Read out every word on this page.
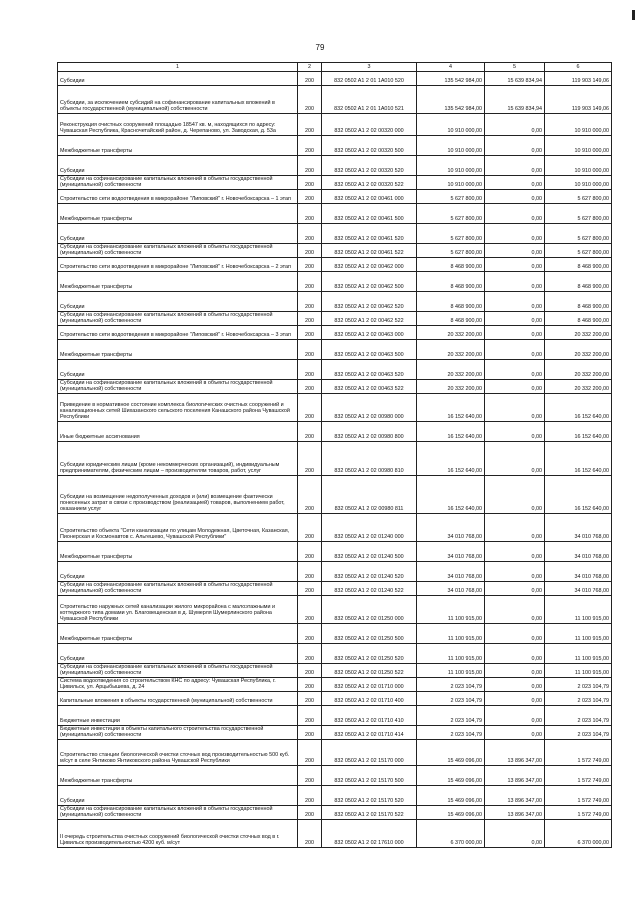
79
1	2	3	4	5	6
Субсидии	200	832 0502 A1 2 01 1A010 520	135 542 984,00	15 639 834,94	119 903 149,06
Субсидии, за исключением субсидий на софинансирование капитальных вложений в объекты государственной (муниципальной) собственности	200	832 0502 A1 2 01 1A010 521	135 542 984,00	15 639 834,94	119 903 149,06
Реконструкция очистных сооружений площадью 18547 кв. м, находящихся по адресу: Чувашская Республика, Красночетайский район, д. Черепаново, ул. Заводская, д. 53а	200	832 0502 A1 2 02 00320 000	10 910 000,00	0,00	10 910 000,00
Межбюджетные трансферты	200	832 0502 A1 2 02 00320 500	10 910 000,00	0,00	10 910 000,00
Субсидии	200	832 0502 A1 2 02 00320 520	10 910 000,00	0,00	10 910 000,00
Субсидии на софинансирование капитальных вложений в объекты государственной (муниципальной) собственности	200	832 0502 A1 2 02 00320 522	10 910 000,00	0,00	10 910 000,00
Строительство сети водоотведения в микрорайоне "Липовский" г. Новочебоксарска – 1 этап	200	832 0502 A1 2 02 00461 000	5 627 800,00	0,00	5 627 800,00
Межбюджетные трансферты	200	832 0502 A1 2 02 00461 500	5 627 800,00	0,00	5 627 800,00
Субсидии	200	832 0502 A1 2 02 00461 520	5 627 800,00	0,00	5 627 800,00
Субсидии на софинансирование капитальных вложений в объекты государственной (муниципальной) собственности	200	832 0502 A1 2 02 00461 522	5 627 800,00	0,00	5 627 800,00
Строительство сети водоотведения в микрорайоне "Липовский" г. Новочебоксарска – 2 этап	200	832 0502 A1 2 02 00462 000	8 468 900,00	0,00	8 468 900,00
Межбюджетные трансферты	200	832 0502 A1 2 02 00462 500	8 468 900,00	0,00	8 468 900,00
Субсидии	200	832 0502 A1 2 02 00462 520	8 468 900,00	0,00	8 468 900,00
Субсидии на софинансирование капитальных вложений в объекты государственной (муниципальной) собственности	200	832 0502 A1 2 02 00462 522	8 468 900,00	0,00	8 468 900,00
Строительство сети водоотведения в микрорайоне "Липовский" г. Новочебоксарска – 3 этап	200	832 0502 A1 2 02 00463 000	20 332 200,00	0,00	20 332 200,00
Межбюджетные трансферты	200	832 0502 A1 2 02 00463 500	20 332 200,00	0,00	20 332 200,00
Субсидии	200	832 0502 A1 2 02 00463 520	20 332 200,00	0,00	20 332 200,00
Субсидии на софинансирование капитальных вложений в объекты государственной (муниципальной) собственности	200	832 0502 A1 2 02 00463 522	20 332 200,00	0,00	20 332 200,00
Приведение в нормативное состояние комплекса биологических очистных сооружений и канализационных сетей Шихазанского сельского поселения Канашского района Чувашской Республики	200	832 0502 A1 2 02 00980 000	16 152 640,00	0,00	16 152 640,00
Иные бюджетные ассигнования	200	832 0502 A1 2 02 00980 800	16 152 640,00	0,00	16 152 640,00
Субсидии юридическим лицам (кроме некоммерческих организаций), индивидуальным предпринимателям, физическим лицам – производителям товаров, работ, услуг	200	832 0502 A1 2 02 00980 810	16 152 640,00	0,00	16 152 640,00
Субсидии на возмещение недополученных доходов и (или) возмещение фактически понесенных затрат в связи с производством (реализацией) товаров, выполнением работ, оказанием услуг	200	832 0502 A1 2 02 00980 811	16 152 640,00	0,00	16 152 640,00
Строительство объекта "Сети канализации по улицам Молодежная, Цветочная, Казанская, Пионерская и Космонавтов с. Альгешево, Чувашской Республики"	200	832 0502 A1 2 02 01240 000	34 010 768,00	0,00	34 010 768,00
Межбюджетные трансферты	200	832 0502 A1 2 02 01240 500	34 010 768,00	0,00	34 010 768,00
Субсидии	200	832 0502 A1 2 02 01240 520	34 010 768,00	0,00	34 010 768,00
Субсидии на софинансирование капитальных вложений в объекты государственной (муниципальной) собственности	200	832 0502 A1 2 02 01240 522	34 010 768,00	0,00	34 010 768,00
Строительство наружных сетей канализации жилого микрорайона с малоэтажными и коттеджного типа домами ул. Благовещенская в д. Шумерля Шумерлинского района Чувашской Республики	200	832 0502 A1 2 02 01250 000	11 100 915,00	0,00	11 100 915,00
Межбюджетные трансферты	200	832 0502 A1 2 02 01250 500	11 100 915,00	0,00	11 100 915,00
Субсидии	200	832 0502 A1 2 02 01250 520	11 100 915,00	0,00	11 100 915,00
Субсидии на софинансирование капитальных вложений в объекты государственной (муниципальной) собственности	200	832 0502 A1 2 02 01250 522	11 100 915,00	0,00	11 100 915,00
Система водоотведения со строительством КНС по адресу: Чувашская Республика, г. Цивильск, ул. Арцыбышева, д. 24	200	832 0502 A1 2 02 01710 000	2 023 104,79	0,00	2 023 104,79
Капитальные вложения в объекты государственной (муниципальной) собственности	200	832 0502 A1 2 02 01710 400	2 023 104,79	0,00	2 023 104,79
Бюджетные инвестиции	200	832 0502 A1 2 02 01710 410	2 023 104,79	0,00	2 023 104,79
Бюджетные инвестиции в объекты капитального строительства государственной (муниципальной) собственности	200	832 0502 A1 2 02 01710 414	2 023 104,79	0,00	2 023 104,79
Строительство станции биологической очистки сточных вод производительностью 500 куб. м/сут в селе Янтиково Янтиковского района Чувашской Республики	200	832 0502 A1 2 02 15170 000	15 469 096,00	13 896 347,00	1 572 749,00
Межбюджетные трансферты	200	832 0502 A1 2 02 15170 500	15 469 096,00	13 896 347,00	1 572 749,00
Субсидии	200	832 0502 A1 2 02 15170 520	15 469 096,00	13 896 347,00	1 572 749,00
Субсидии на софинансирование капитальных вложений в объекты государственной (муниципальной) собственности	200	832 0502 A1 2 02 15170 522	15 469 096,00	13 896 347,00	1 572 749,00
II очередь строительства очистных сооружений биологической очистки сточных вод в г. Цивильск производительностью 4200 куб. м/сут	200	832 0502 A1 2 02 17610 000	6 370 000,00	0,00	6 370 000,00
